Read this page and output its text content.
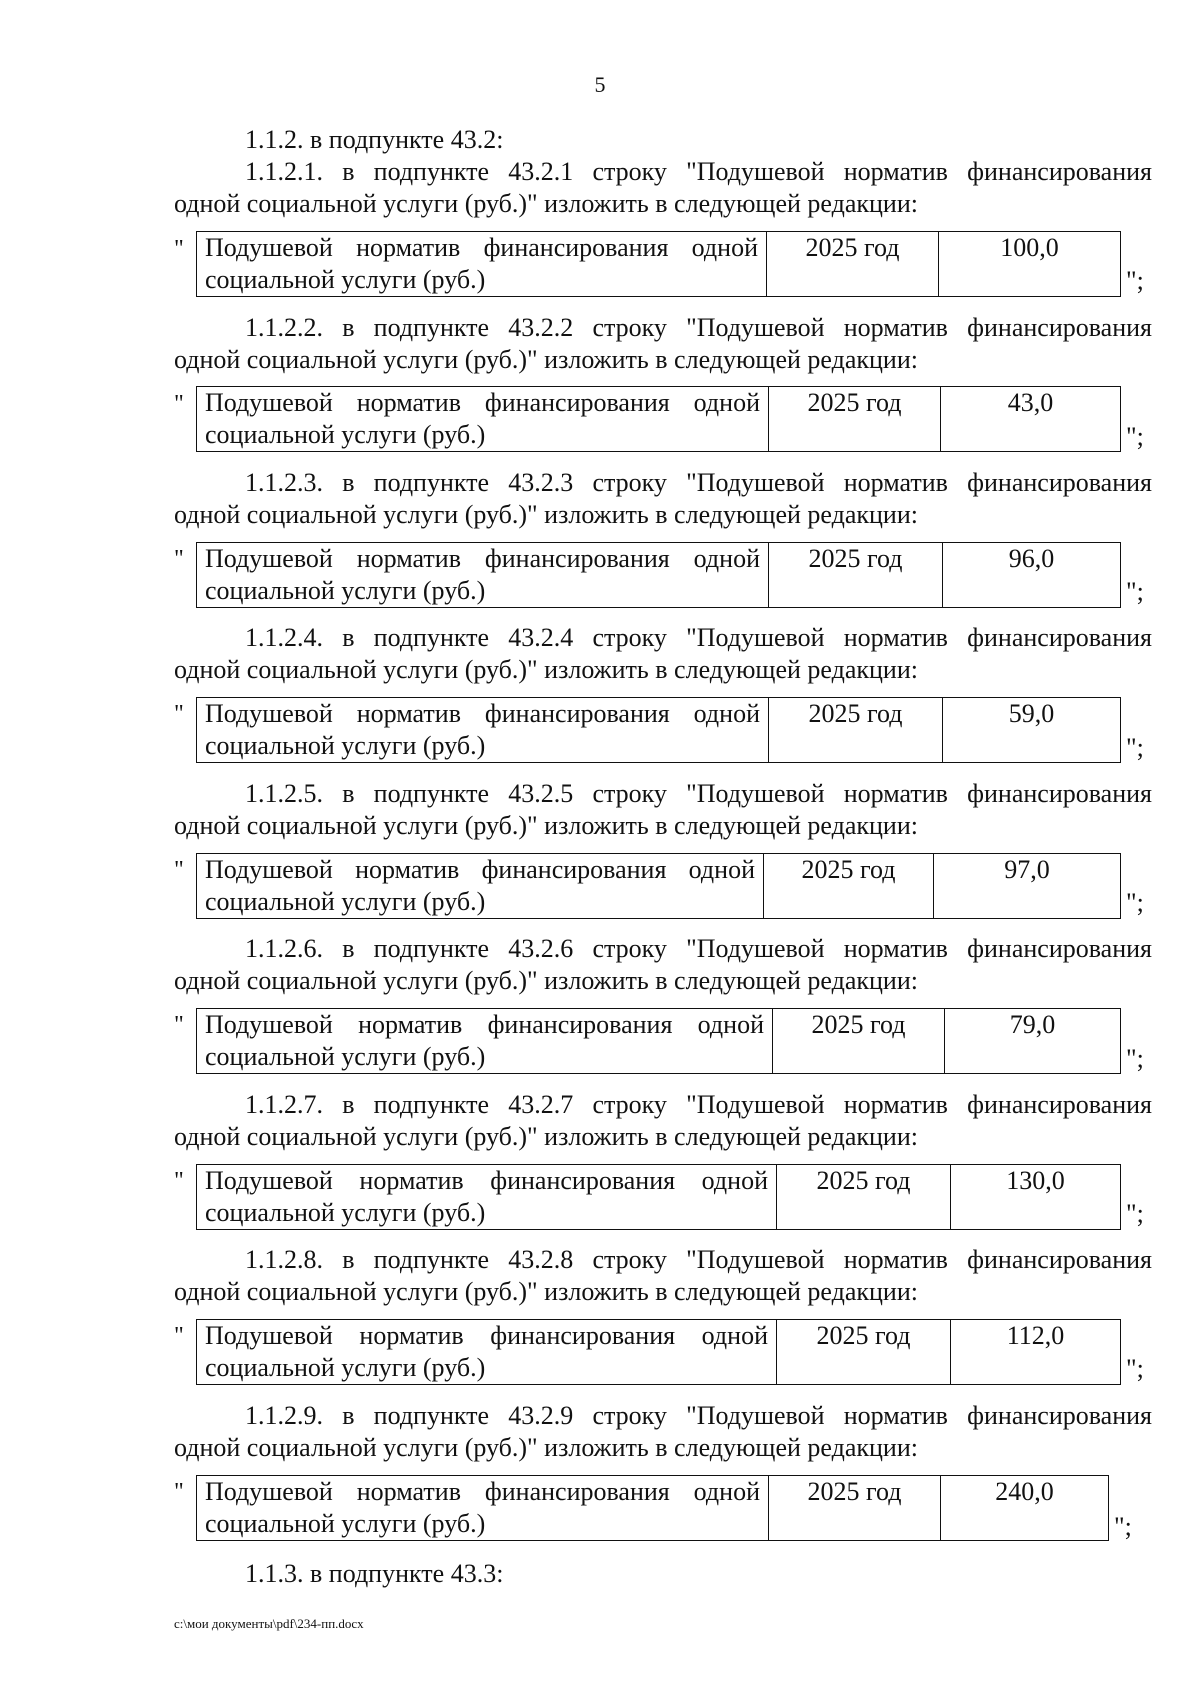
5
1.1.2. в подпункте 43.2:
1.1.2.1. в подпункте 43.2.1 строку "Подушевой норматив финансирования
одной социальной услуги (руб.)" изложить в следующей редакции:
" Подушевой норматив финансирования одной социальной услуги (руб.)	2025 год	100,0
";
1.1.2.2. в подпункте 43.2.2 строку "Подушевой норматив финансирования
одной социальной услуги (руб.)" изложить в следующей редакции:
" Подушевой норматив финансирования одной социальной услуги (руб.)	2025 год	43,0
";
1.1.2.3. в подпункте 43.2.3 строку "Подушевой норматив финансирования
одной социальной услуги (руб.)" изложить в следующей редакции:
" Подушевой норматив финансирования одной социальной услуги (руб.)	2025 год	96,0
";
1.1.2.4. в подпункте 43.2.4 строку "Подушевой норматив финансирования
одной социальной услуги (руб.)" изложить в следующей редакции:
" Подушевой норматив финансирования одной социальной услуги (руб.)	2025 год	59,0
";
1.1.2.5. в подпункте 43.2.5 строку "Подушевой норматив финансирования
одной социальной услуги (руб.)" изложить в следующей редакции:
" Подушевой норматив финансирования одной социальной услуги (руб.)	2025 год	97,0
";
1.1.2.6. в подпункте 43.2.6 строку "Подушевой норматив финансирования
одной социальной услуги (руб.)" изложить в следующей редакции:
" Подушевой норматив финансирования одной социальной услуги (руб.)	2025 год	79,0
";
1.1.2.7. в подпункте 43.2.7 строку "Подушевой норматив финансирования
одной социальной услуги (руб.)" изложить в следующей редакции:
" Подушевой норматив финансирования одной социальной услуги (руб.)	2025 год	130,0
";
1.1.2.8. в подпункте 43.2.8 строку "Подушевой норматив финансирования
одной социальной услуги (руб.)" изложить в следующей редакции:
" Подушевой норматив финансирования одной социальной услуги (руб.)	2025 год	112,0
";
1.1.2.9. в подпункте 43.2.9 строку "Подушевой норматив финансирования
одной социальной услуги (руб.)" изложить в следующей редакции:
" Подушевой норматив финансирования одной социальной услуги (руб.)	2025 год	240,0
";
1.1.3. в подпункте 43.3:
c:\мои документы\pdf\234-пп.docx
